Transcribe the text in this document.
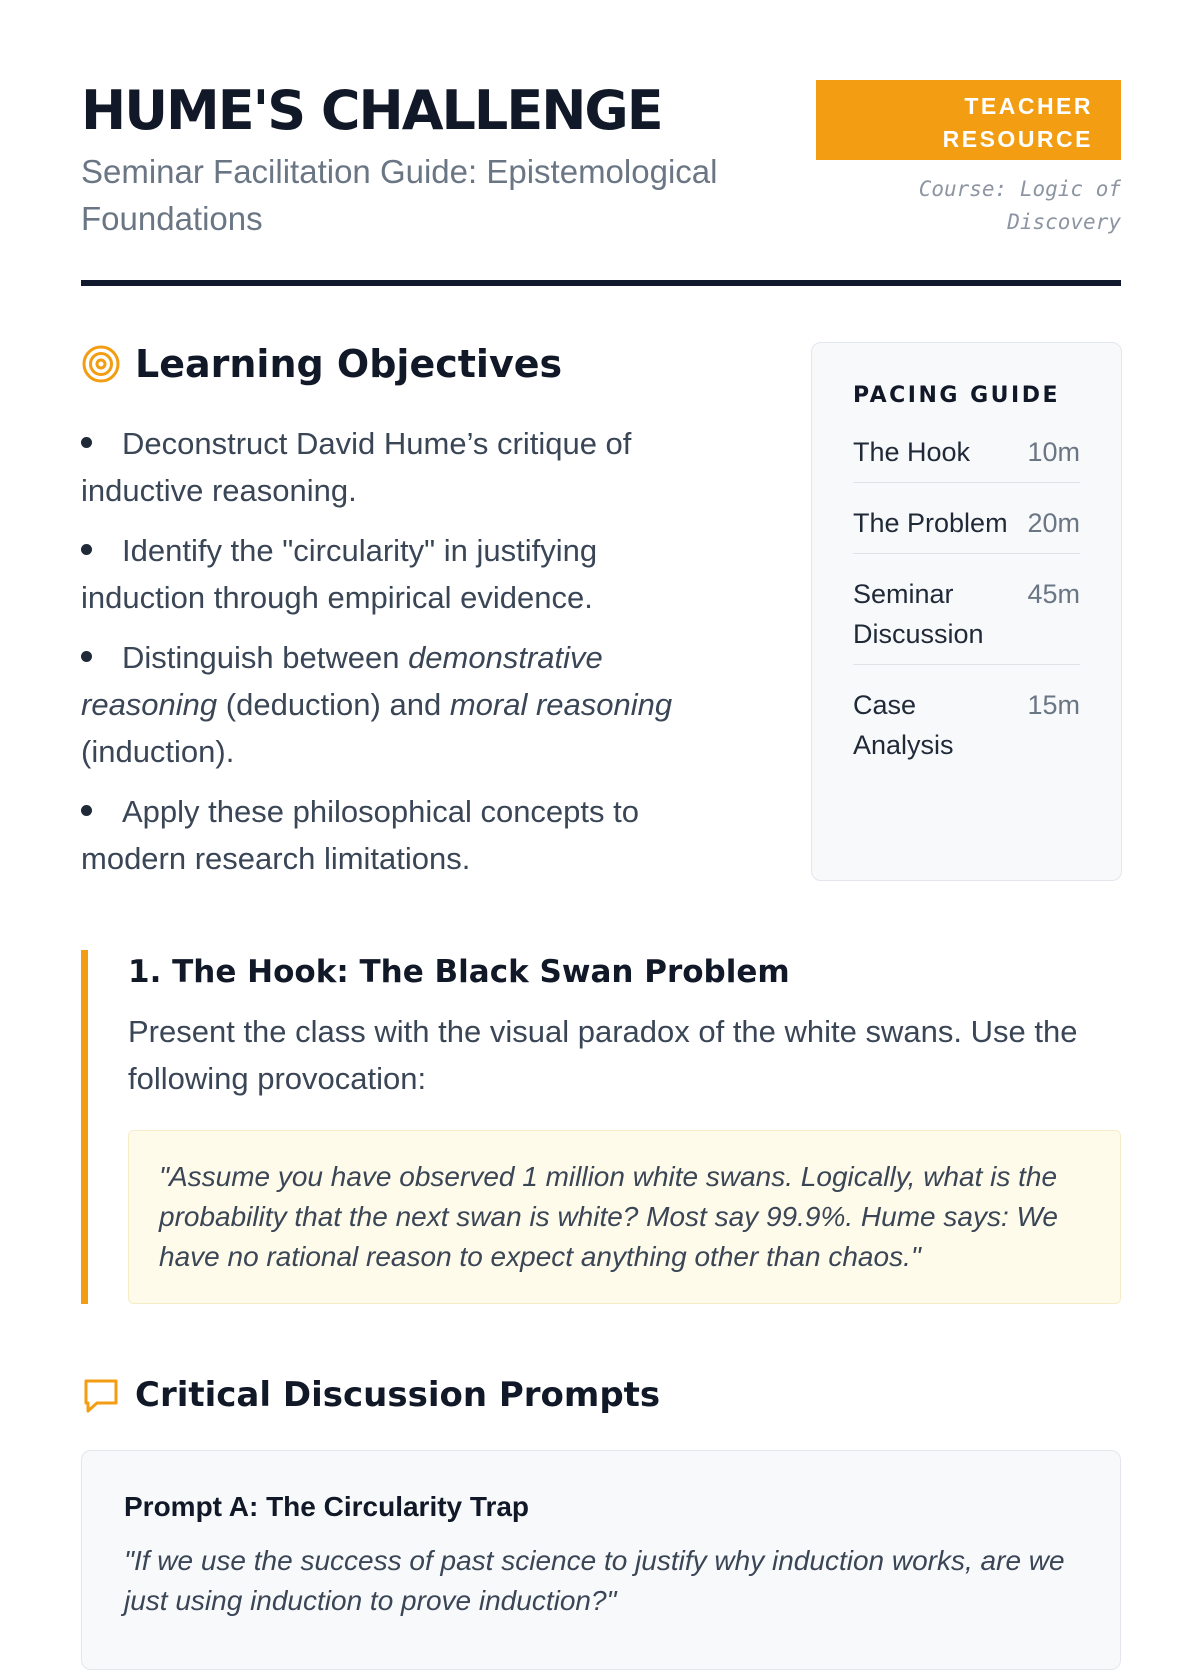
HUME'S CHALLENGE

Seminar Facilitation Guide: Epistemological Foundations

TEACHER RESOURCE
Course: Logic of Discovery
Learning Objectives
Deconstruct David Hume’s critique of inductive reasoning.
Identify the "circularity" in justifying induction through empirical evidence.
Distinguish between demonstrative reasoning (deduction) and moral reasoning (induction).
Apply these philosophical concepts to modern research limitations.
PACING GUIDE
The Hook	10m
The Problem 20m
Seminar Discussion
45m
Case Analysis
15m
1. The Hook: The Black Swan Problem

Present the class with the visual paradox of the white swans. Use the following provocation:

"Assume you have observed 1 million white swans. Logically, what is the probability that the next swan is white? Most say 99.9%. Hume says: We have no rational reason to expect anything other than chaos."
Critical Discussion Prompts

Prompt A: The Circularity Trap

"If we use the success of past science to justify why induction works, are we just using induction to prove induction?"
